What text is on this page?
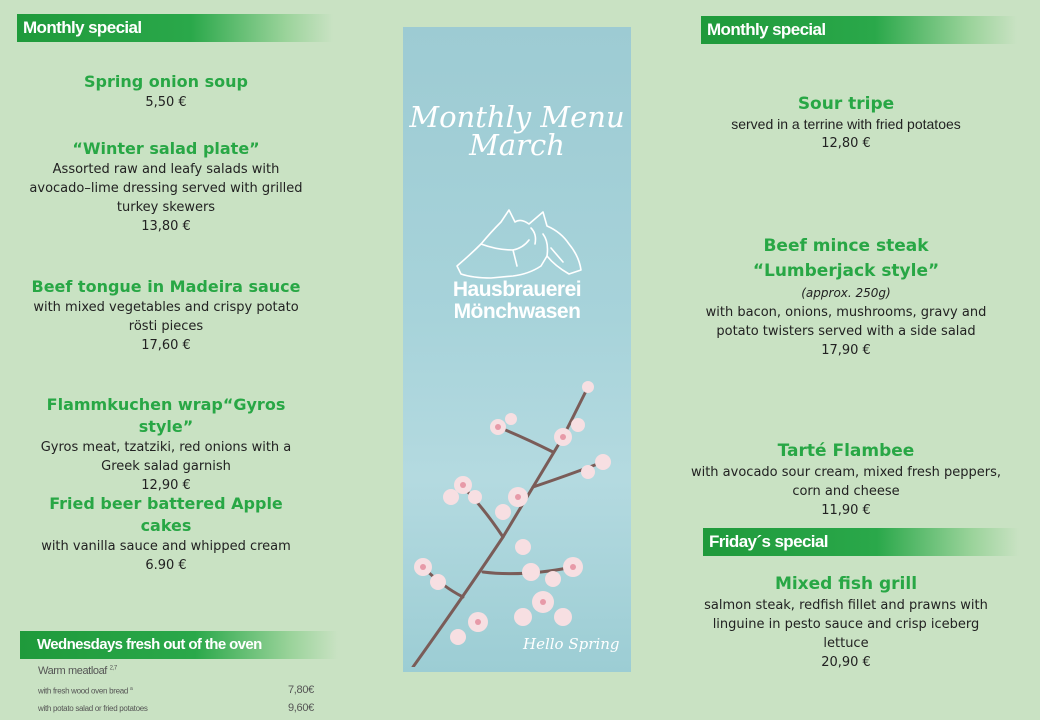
Monthly special
Spring onion soup
5,50 €
“Winter salad plate”
Assorted raw and leafy salads with avocado–lime dressing served with grilled turkey skewers
13,80 €
Beef tongue in Madeira sauce
with mixed vegetables and crispy potato rösti pieces
17,60 €
Flammkuchen wrap“Gyros style”
Gyros meat, tzatziki, red onions with a Greek salad garnish
12,90 €
Fried beer battered Apple cakes
with vanilla sauce and whipped cream
6.90 €
Wednesdays fresh out of the oven
Warm meatloaf $^{2,7}$
with fresh wood oven bread $^a$	7,80€
with potato salad or fried potatoes	9,60€
Monthly Menu
March
Hausbrauerei
Mönchwasen
Hello Spring
Monthly special
Sour tripe
served in a terrine with fried potatoes
12,80 €
Beef mince steak
“Lumberjack style”
(approx. 250g)
with bacon, onions, mushrooms, gravy and potato twisters served with a side salad
17,90 €
Tarté Flambee
with avocado sour cream, mixed fresh peppers, corn and cheese
11,90 €
Friday´s special
Mixed fish grill
salmon steak, redfish fillet and prawns with linguine in pesto sauce and crisp iceberg lettuce
20,90 €
